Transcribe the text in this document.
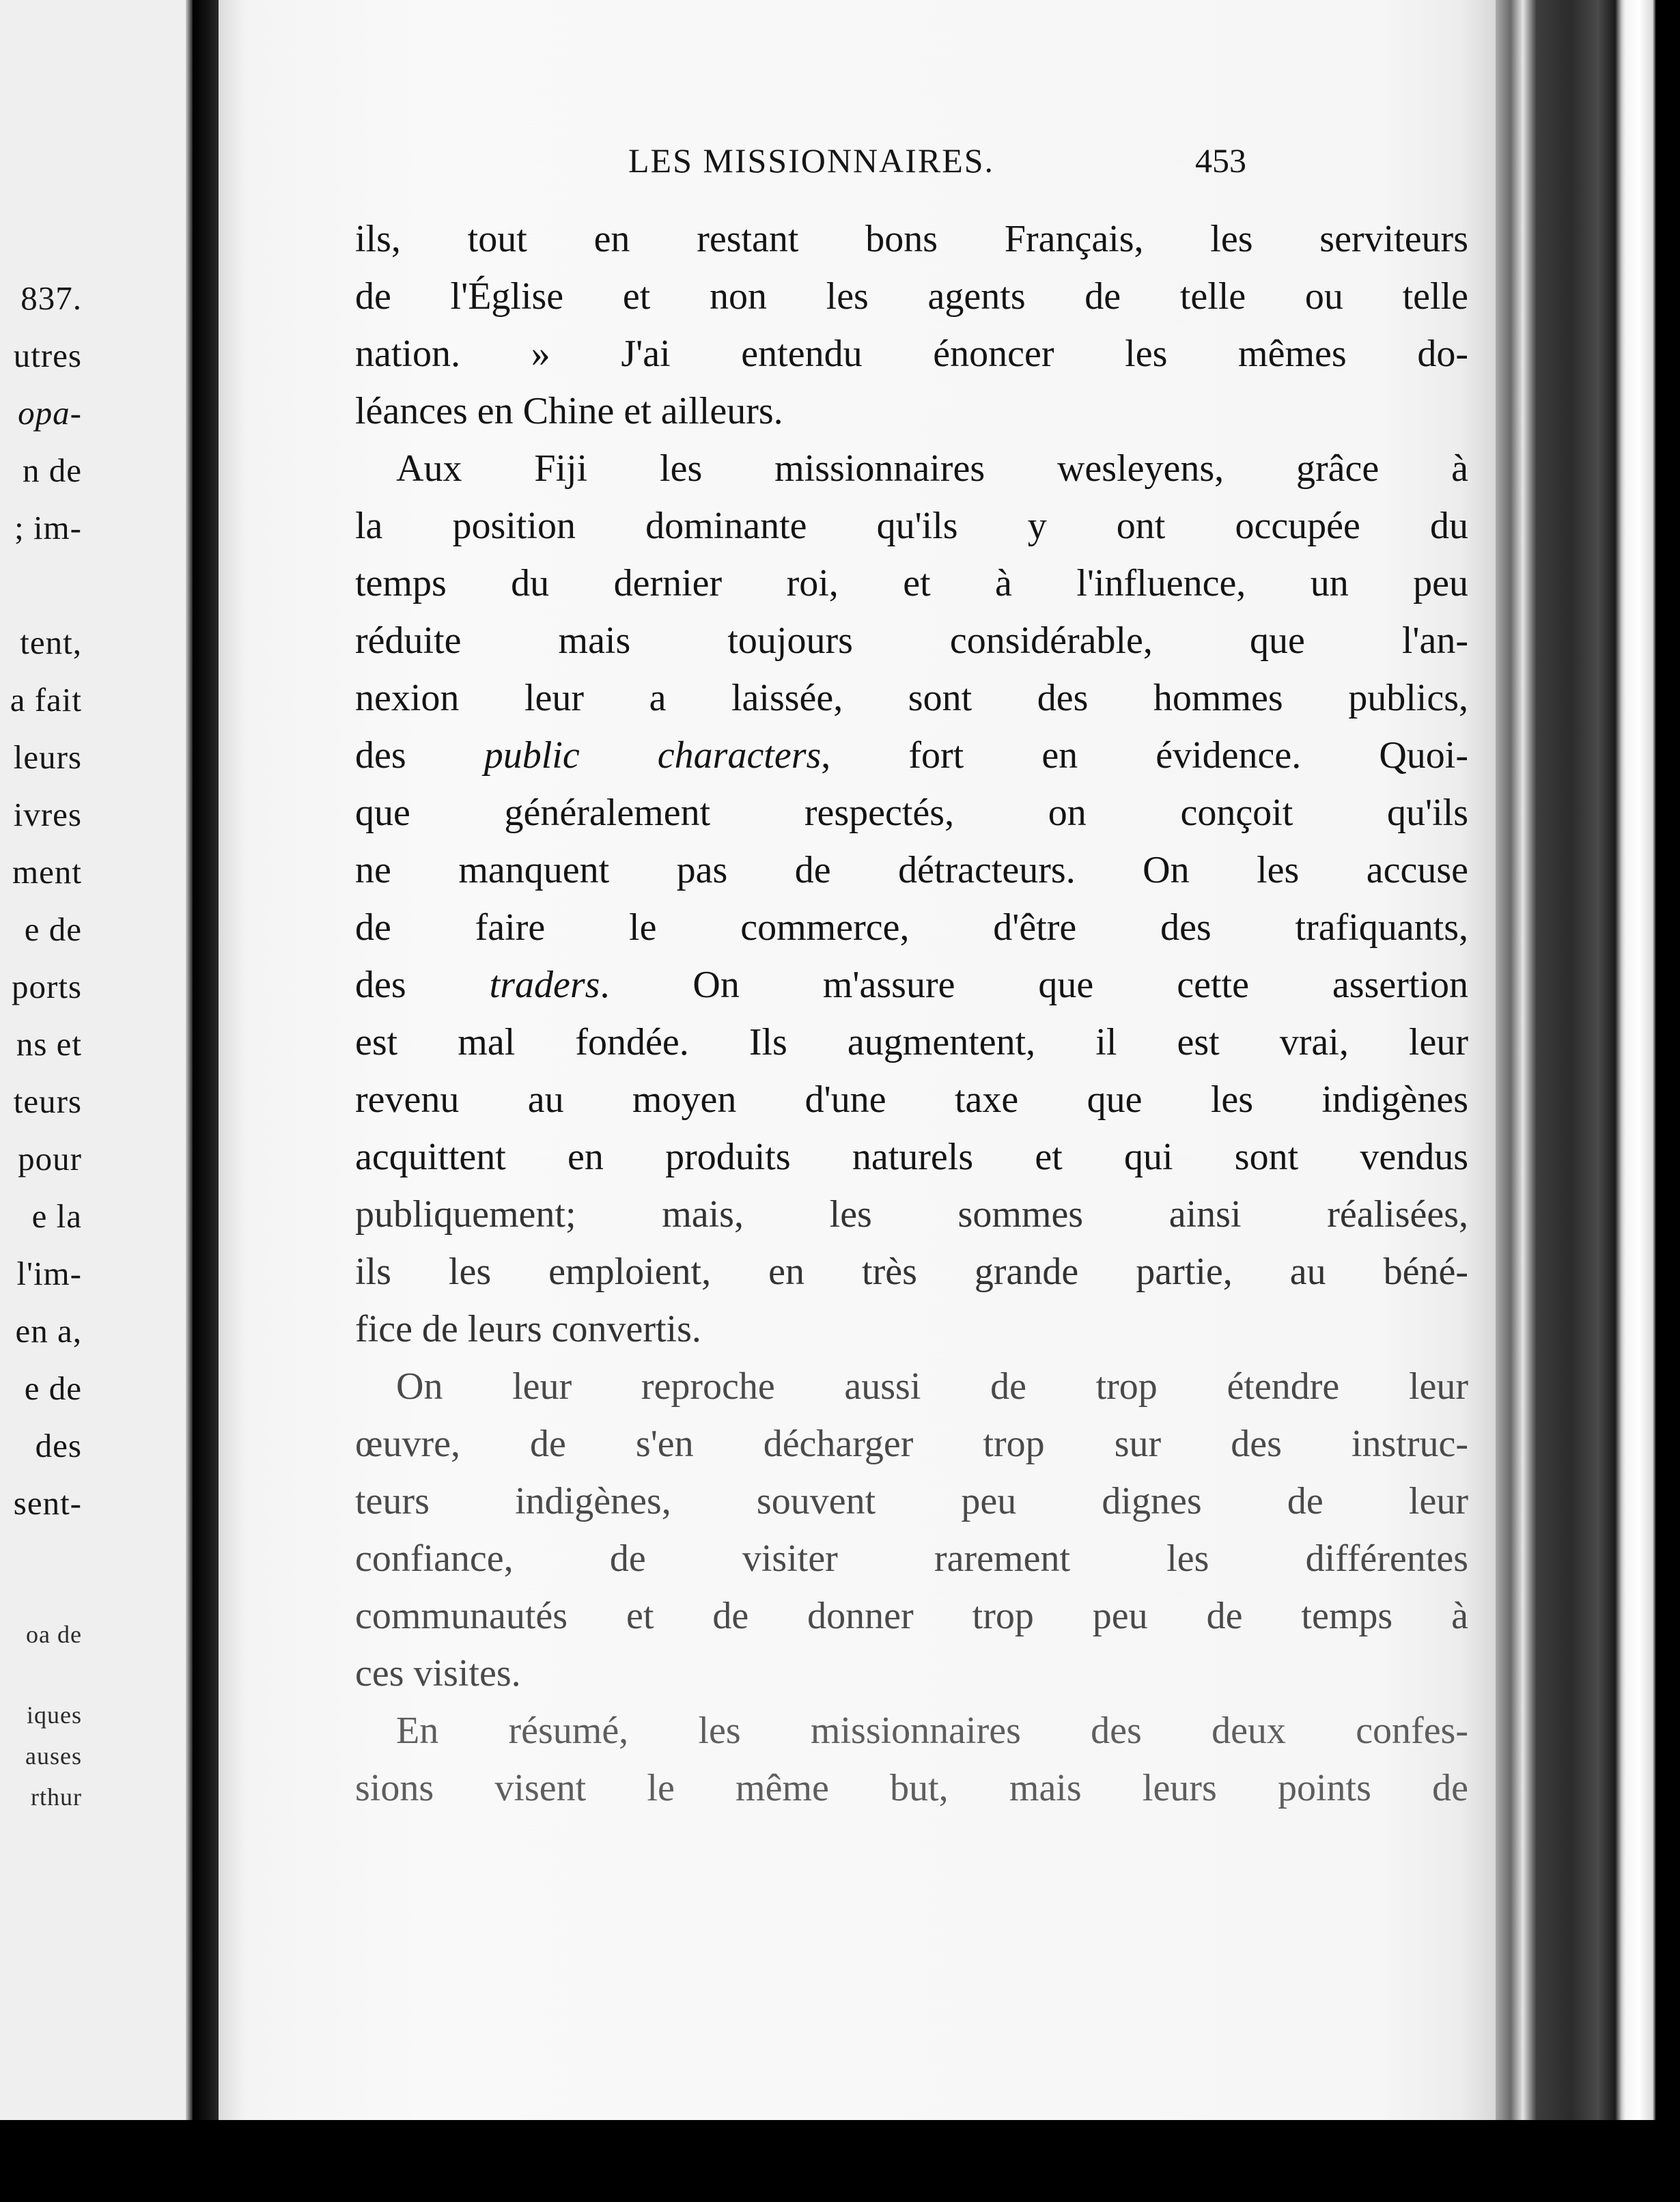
837.
utres
opa-
n de
; im-
tent,
a fait
leurs
ivres
ment
e de
ports
ns et
teurs
pour
e la
l'im-
en a,
e de
des
sent-
oa de
iques
auses
rthur
LES MISSIONNAIRES.	453
ils, tout en restant bons Français, les serviteurs
de l'Église et non les agents de telle ou telle
nation. » J'ai entendu énoncer les mêmes do-
léances en Chine et ailleurs.
Aux Fiji les missionnaires wesleyens, grâce à
la position dominante qu'ils y ont occupée du
temps du dernier roi, et à l'influence, un peu
réduite mais toujours considérable, que l'an-
nexion leur a laissée, sont des hommes publics,
des public characters, fort en évidence. Quoi-
que généralement respectés, on conçoit qu'ils
ne manquent pas de détracteurs. On les accuse
de faire le commerce, d'être des trafiquants,
des traders. On m'assure que cette assertion
est mal fondée. Ils augmentent, il est vrai, leur
revenu au moyen d'une taxe que les indigènes
acquittent en produits naturels et qui sont vendus
publiquement; mais, les sommes ainsi réalisées,
ils les emploient, en très grande partie, au béné-
fice de leurs convertis.
On leur reproche aussi de trop étendre leur
œuvre, de s'en décharger trop sur des instruc-
teurs indigènes, souvent peu dignes de leur
confiance, de visiter rarement les différentes
communautés et de donner trop peu de temps à
ces visites.
En résumé, les missionnaires des deux confes-
sions visent le même but, mais leurs points de
